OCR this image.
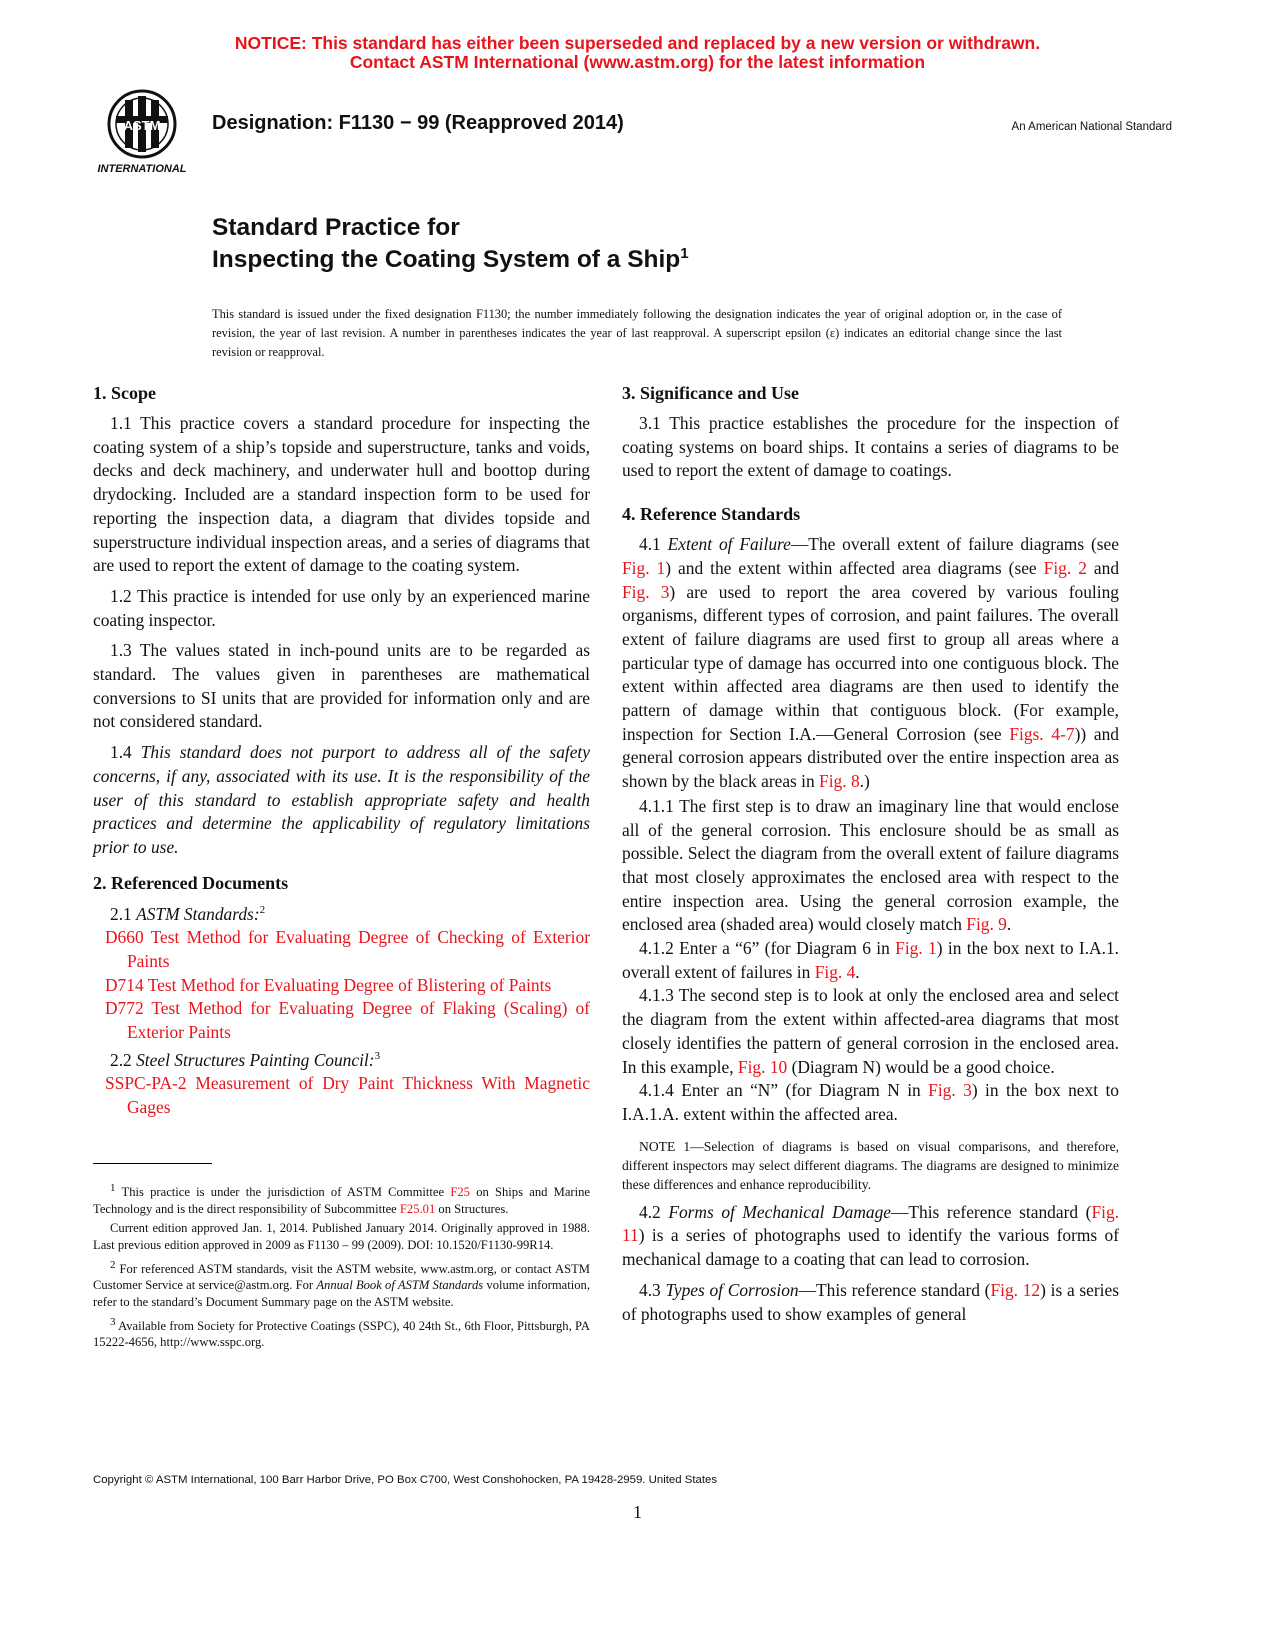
NOTICE: This standard has either been superseded and replaced by a new version or withdrawn.
Contact ASTM International (www.astm.org) for the latest information
ASTM
INTERNATIONAL
Designation: F1130 − 99 (Reapproved 2014)	An American National Standard
Standard Practice for
Inspecting the Coating System of a Ship$^1$
This standard is issued under the fixed designation F1130; the number immediately following the designation indicates the year of original adoption or, in the case of revision, the year of last revision. A number in parentheses indicates the year of last reapproval. A superscript epsilon (ε) indicates an editorial change since the last revision or reapproval.

1. Scope

1.1 This practice covers a standard procedure for inspecting the coating system of a ship’s topside and superstructure, tanks and voids, decks and deck machinery, and underwater hull and boottop during drydocking. Included are a standard inspection form to be used for reporting the inspection data, a diagram that divides topside and superstructure individual inspection areas, and a series of diagrams that are used to report the extent of damage to the coating system.

1.2 This practice is intended for use only by an experienced marine coating inspector.

1.3 The values stated in inch-pound units are to be regarded as standard. The values given in parentheses are mathematical conversions to SI units that are provided for information only and are not considered standard.

1.4 This standard does not purport to address all of the safety concerns, if any, associated with its use. It is the responsibility of the user of this standard to establish appropriate safety and health practices and determine the applicability of regulatory limitations prior to use.

2. Referenced Documents

2.1 ASTM Standards:$^2$

D660 Test Method for Evaluating Degree of Checking of Exterior Paints

D714 Test Method for Evaluating Degree of Blistering of Paints

D772 Test Method for Evaluating Degree of Flaking (Scaling) of Exterior Paints

2.2 Steel Structures Painting Council:$^3$

SSPC-PA-2 Measurement of Dry Paint Thickness With Magnetic Gages

$^1$ This practice is under the jurisdiction of ASTM Committee F25 on Ships and Marine Technology and is the direct responsibility of Subcommittee F25.01 on Structures.

Current edition approved Jan. 1, 2014. Published January 2014. Originally approved in 1988. Last previous edition approved in 2009 as F1130 – 99 (2009). DOI: 10.1520/F1130-99R14.

$^2$ For referenced ASTM standards, visit the ASTM website, www.astm.org, or contact ASTM Customer Service at service@astm.org. For Annual Book of ASTM Standards volume information, refer to the standard’s Document Summary page on the ASTM website.

$^3$ Available from Society for Protective Coatings (SSPC), 40 24th St., 6th Floor, Pittsburgh, PA 15222-4656, http://www.sspc.org.

3. Significance and Use

3.1 This practice establishes the procedure for the inspection of coating systems on board ships. It contains a series of diagrams to be used to report the extent of damage to coatings.

4. Reference Standards

4.1 Extent of Failure—The overall extent of failure diagrams (see Fig. 1) and the extent within affected area diagrams (see Fig. 2 and Fig. 3) are used to report the area covered by various fouling organisms, different types of corrosion, and paint failures. The overall extent of failure diagrams are used first to group all areas where a particular type of damage has occurred into one contiguous block. The extent within affected area diagrams are then used to identify the pattern of damage within that contiguous block. (For example, inspection for Section I.A.—General Corrosion (see Figs. 4-7)) and general corrosion appears distributed over the entire inspection area as shown by the black areas in Fig. 8.)

4.1.1 The first step is to draw an imaginary line that would enclose all of the general corrosion. This enclosure should be as small as possible. Select the diagram from the overall extent of failure diagrams that most closely approximates the enclosed area with respect to the entire inspection area. Using the general corrosion example, the enclosed area (shaded area) would closely match Fig. 9.

4.1.2 Enter a “6” (for Diagram 6 in Fig. 1) in the box next to I.A.1. overall extent of failures in Fig. 4.

4.1.3 The second step is to look at only the enclosed area and select the diagram from the extent within affected-area diagrams that most closely identifies the pattern of general corrosion in the enclosed area. In this example, Fig. 10 (Diagram N) would be a good choice.

4.1.4 Enter an “N” (for Diagram N in Fig. 3) in the box next to I.A.1.A. extent within the affected area.

NOTE 1—Selection of diagrams is based on visual comparisons, and therefore, different inspectors may select different diagrams. The diagrams are designed to minimize these differences and enhance reproducibility.

4.2 Forms of Mechanical Damage—This reference standard (Fig. 11) is a series of photographs used to identify the various forms of mechanical damage to a coating that can lead to corrosion.

4.3 Types of Corrosion—This reference standard (Fig. 12) is a series of photographs used to show examples of general

Copyright © ASTM International, 100 Barr Harbor Drive, PO Box C700, West Conshohocken, PA 19428-2959. United States
1
